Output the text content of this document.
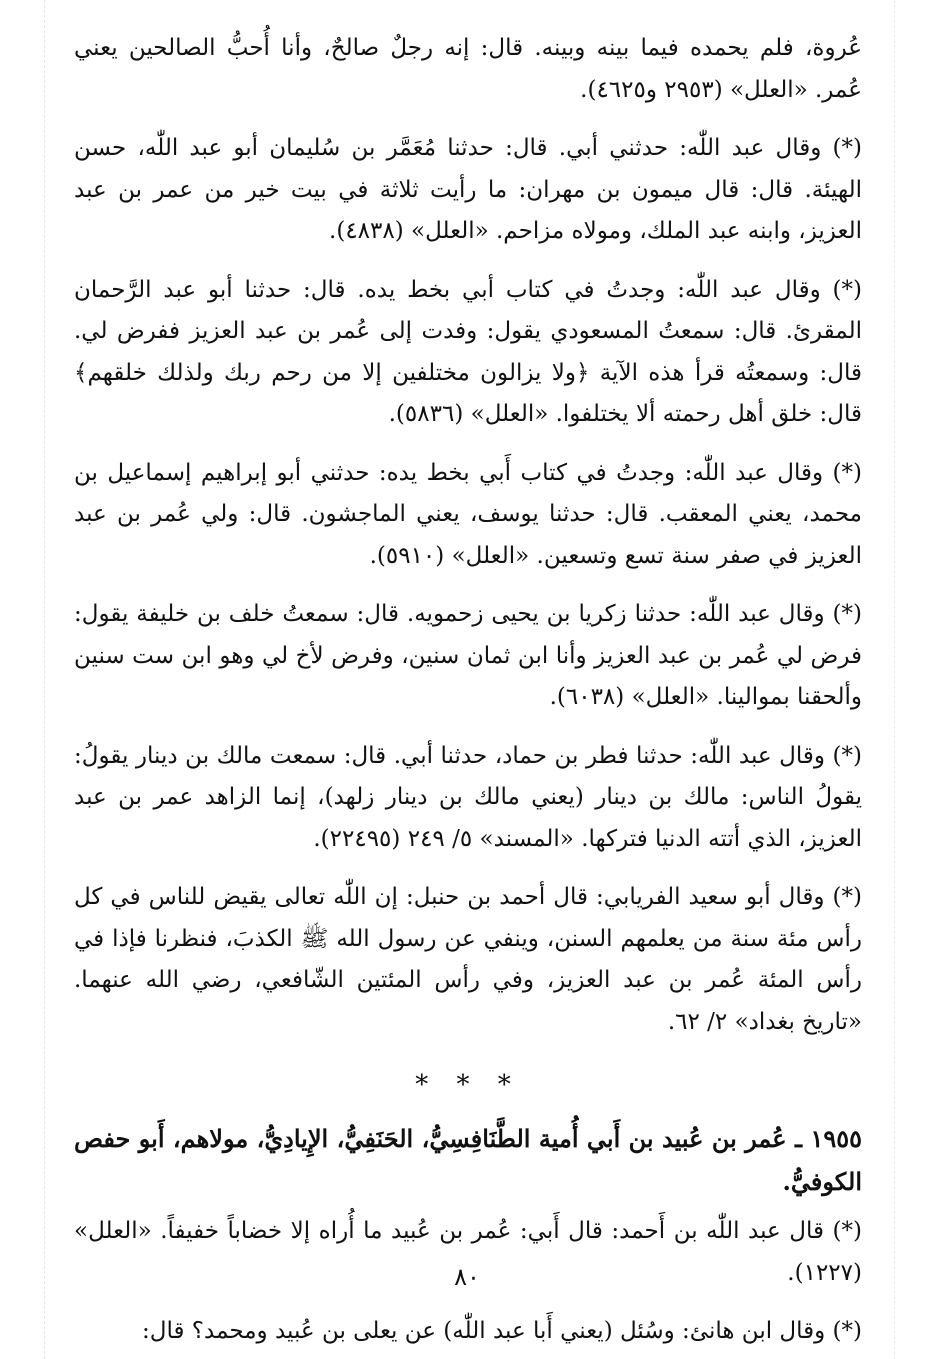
عُروة، فلم يحمده فيما بينه وبينه. قال: إنه رجلٌ صالحٌ، وأنا أُحبُّ الصالحين يعني عُمر. «العلل» (٢٩٥٣ و٤٦٢٥).

(*) وقال عبد اللّٰه: حدثني أبي. قال: حدثنا مُعَمَّر بن سُليمان أبو عبد اللّٰه، حسن الهيئة. قال: قال ميمون بن مهران: ما رأيت ثلاثة في بيت خير من عمر بن عبد العزيز، وابنه عبد الملك، ومولاه مزاحم. «العلل» (٤٨٣٨).

(*) وقال عبد اللّٰه: وجدتُ في كتاب أبي بخط يده. قال: حدثنا أبو عبد الرَّحمان المقرئ. قال: سمعتُ المسعودي يقول: وفدت إلى عُمر بن عبد العزيز ففرض لي. قال: وسمعتُه قرأ هذه الآية ﴿ولا يزالون مختلفين إلا من رحم ربك ولذلك خلقهم﴾ قال: خلق أهل رحمته ألا يختلفوا. «العلل» (٥٨٣٦).

(*) وقال عبد اللّٰه: وجدتُ في كتاب أَبي بخط يده: حدثني أبو إبراهيم إسماعيل بن محمد، يعني المعقب. قال: حدثنا يوسف، يعني الماجشون. قال: ولي عُمر بن عبد العزيز في صفر سنة تسع وتسعين. «العلل» (٥٩١٠).

(*) وقال عبد اللّٰه: حدثنا زكريا بن يحيى زحمويه. قال: سمعتُ خلف بن خليفة يقول: فرض لي عُمر بن عبد العزيز وأنا ابن ثمان سنين، وفرض لأخ لي وهو ابن ست سنين وألحقنا بموالينا. «العلل» (٦٠٣٨).

(*) وقال عبد اللّٰه: حدثنا فطر بن حماد، حدثنا أبي. قال: سمعت مالك بن دينار يقولُ: يقولُ الناس: مالك بن دينار (يعني مالك بن دينار زلهد)، إنما الزاهد عمر بن عبد العزيز، الذي أتته الدنيا فتركها. «المسند» ٥/ ٢٤٩ (٢٢٤٩٥).

(*) وقال أبو سعيد الفريابي: قال أحمد بن حنبل: إن اللّٰه تعالى يقيض للناس في كل رأس مئة سنة من يعلمهم السنن، وينفي عن رسول الله ﷺ الكذبَ، فنظرنا فإذا في رأس المئة عُمر بن عبد العزيز، وفي رأس المئتين الشّافعي، رضي الله عنهما. «تاريخ بغداد» ٢/ ٦٢.

* * *

١٩٥٥ ـ عُمر بن عُبيد بن أَبي أُمية الطَّنَافِسِيُّ، الحَنَفِيُّ، الإِيادِيُّ، مولاهم، أَبو حفص الكوفيُّ.

(*) قال عبد اللّٰه بن أَحمد: قال أَبي: عُمر بن عُبيد ما أُراه إلا خضاباً خفيفاً. «العلل» (١٢٢٧).

(*) وقال ابن هانئ: وسُئل (يعني أَبا عبد اللّٰه) عن يعلى بن عُبيد ومحمد؟ قال:

٨٠
